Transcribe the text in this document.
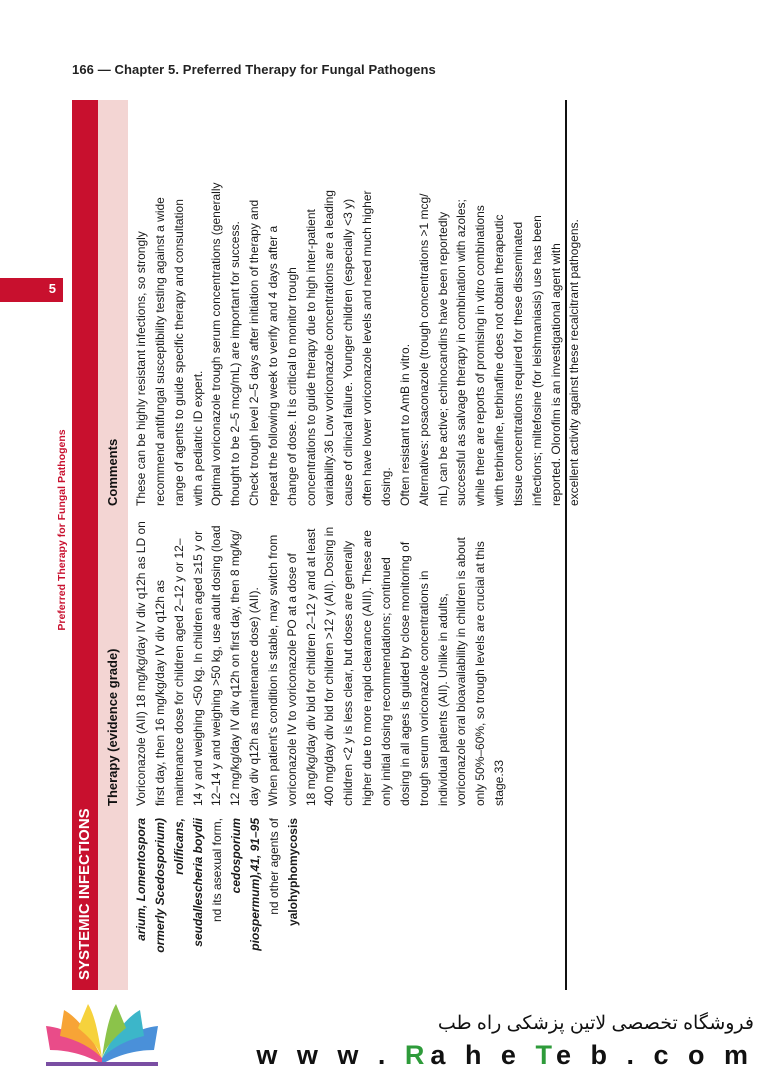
166 — Chapter 5. Preferred Therapy for Fungal Pathogens
5
Preferred Therapy for Fungal Pathogens
SYSTEMIC INFECTIONS
Therapy (evidence grade)
Comments
arium, Lomentospora ormerly Scedosporium) rolificans, seudallescheria boydii nd its asexual form, cedosporium piospermum),41, 91–95 nd other agents of yalohyphomycosis
Voriconazole (AII) 18 mg/kg/day IV div q12h as LD on first day, then 16 mg/kg/day IV div q12h as maintenance dose for children aged 2–12 y or 12– 14 y and weighing <50 kg. In children aged ≥15 y or 12–14 y and weighing >50 kg, use adult dosing (load 12 mg/kg/day IV div q12h on first day, then 8 mg/kg/ day div q12h as maintenance dose) (AII). When patient’s condition is stable, may switch from voriconazole IV to voriconazole PO at a dose of 18 mg/kg/day div bid for children 2–12 y and at least 400 mg/day div bid for children >12 y (AII). Dosing in children <2 y is less clear, but doses are generally higher due to more rapid clearance (AIII). These are only initial dosing recommendations; continued dosing in all ages is guided by close monitoring of trough serum voriconazole concentrations in individual patients (AII). Unlike in adults, voriconazole oral bioavailability in children is about only 50%–60%, so trough levels are crucial at this stage.33
These can be highly resistant infections, so strongly recommend antifungal susceptibility testing against a wide range of agents to guide specific therapy and consultation with a pediatric ID expert. Optimal voriconazole trough serum concentrations (generally thought to be 2–5 mcg/mL) are important for success. Check trough level 2–5 days after initiation of therapy and repeat the following week to verify and 4 days after a change of dose. It is critical to monitor trough concentrations to guide therapy due to high inter-patient variability.36 Low voriconazole concentrations are a leading cause of clinical failure. Younger children (especially <3 y) often have lower voriconazole levels and need much higher dosing. Often resistant to AmB in vitro. Alternatives: posaconazole (trough concentrations >1 mcg/ mL) can be active; echinocandins have been reportedly successful as salvage therapy in combination with azoles; while there are reports of promising in vitro combinations with terbinafine, terbinafine does not obtain therapeutic tissue concentrations required for these disseminated infections; miltefosine (for leishmaniasis) use has been reported. Olorofim is an investigational agent with excellent activity against these recalcitrant pathogens.
فروشگاه تخصصی لاتین پزشکی راه طب
w w w . Ra h e Te b . c o m
